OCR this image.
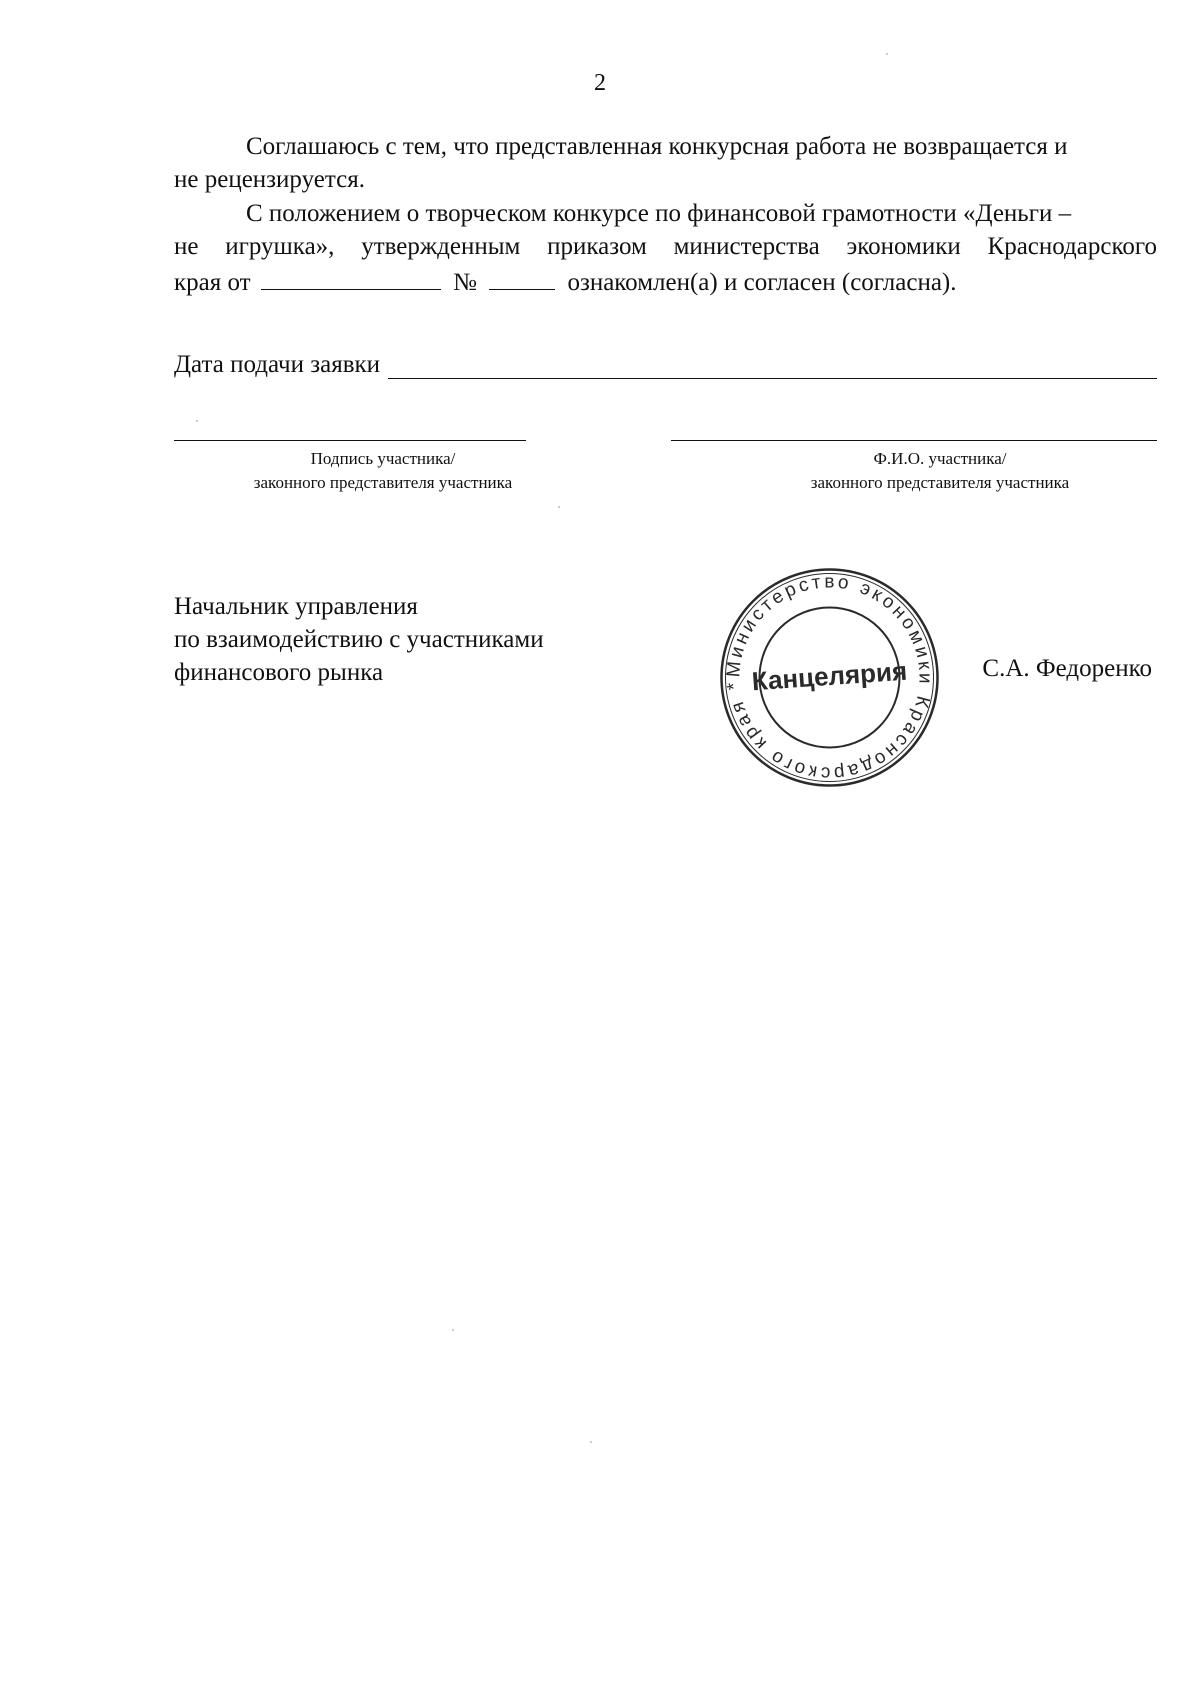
2

Соглашаюсь с тем, что представленная конкурсная работа не возвращается и
не рецензируется.

С положением о творческом конкурсе по финансовой грамотности «Деньги –
не игрушка», утвержденным приказом министерства экономики Краснодарского
края от	№	ознакомлен(а) и согласен (согласна).

Дата подачи заявки
Подпись участника/
законного представителя участника
Ф.И.О. участника/
законного представителя участника
Начальник управления
по взаимодействию с участниками
финансового рынка	Министерство экономики Краснодарского края * Канцелярия	С.А. Федоренко
